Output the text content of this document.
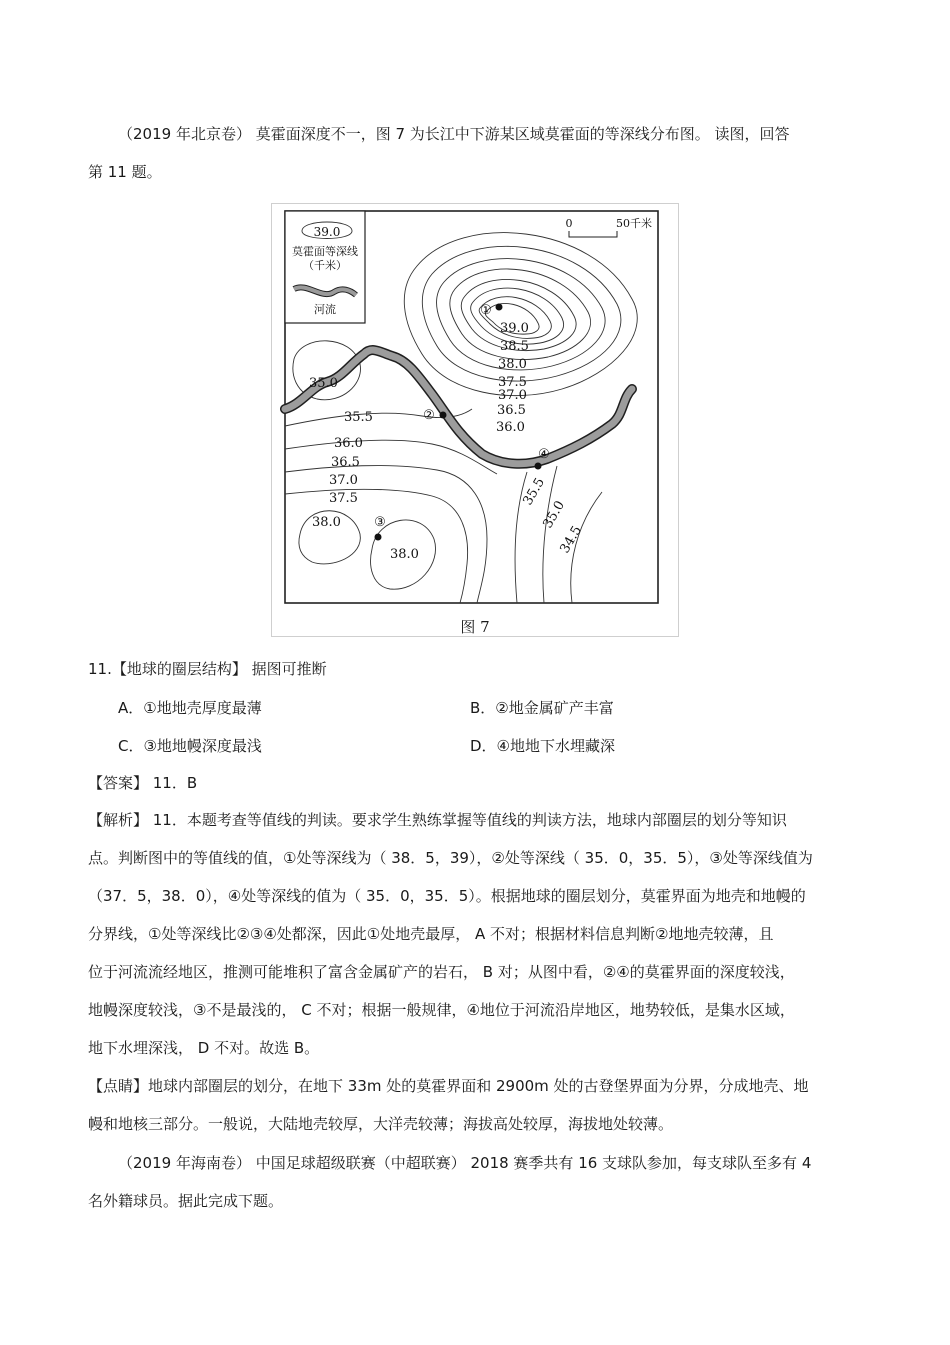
（2019 年北京卷） 莫霍面深度不一，图 7 为长江中下游某区域莫霍面的等深线分布图。 读图，回答
第 11 题。
39.0
莫霍面等深线
（千米）
河流
0	50千米
①
②
③
④
39.0
38.5
38.0
37.5
37.0
36.5
36.0
35.0
35.5
36.0
36.5
37.0
37.5
38.0
38.0
35.5
35.0
34.5
图 7
11.【地球的圈层结构】 据图可推断
A．①地地壳厚度最薄	B．②地金属矿产丰富
C．③地地幔深度最浅	D．④地地下水埋藏深
【答案】 11．B
【解析】 11．本题考查等值线的判读。要求学生熟练掌握等值线的判读方法，地球内部圈层的划分等知识
点。判断图中的等值线的值，①处等深线为（ 38．5，39），②处等深线（ 35．0，35．5），③处等深线值为
（37．5，38．0），④处等深线的值为（ 35．0，35．5）。根据地球的圈层划分，莫霍界面为地壳和地幔的
分界线，①处等深线比②③④处都深，因此①处地壳最厚， A 不对；根据材料信息判断②地地壳较薄，且
位于河流流经地区，推测可能堆积了富含金属矿产的岩石， B 对；从图中看，②④的莫霍界面的深度较浅，
地幔深度较浅，③不是最浅的， C 不对；根据一般规律，④地位于河流沿岸地区，地势较低，是集水区域，
地下水埋深浅， D 不对。故选 B。
【点睛】地球内部圈层的划分，在地下 33m 处的莫霍界面和 2900m 处的古登堡界面为分界，分成地壳、地
幔和地核三部分。一般说，大陆地壳较厚，大洋壳较薄；海拔高处较厚，海拔地处较薄。
（2019 年海南卷） 中国足球超级联赛（中超联赛） 2018 赛季共有 16 支球队参加，每支球队至多有 4
名外籍球员。据此完成下题。
